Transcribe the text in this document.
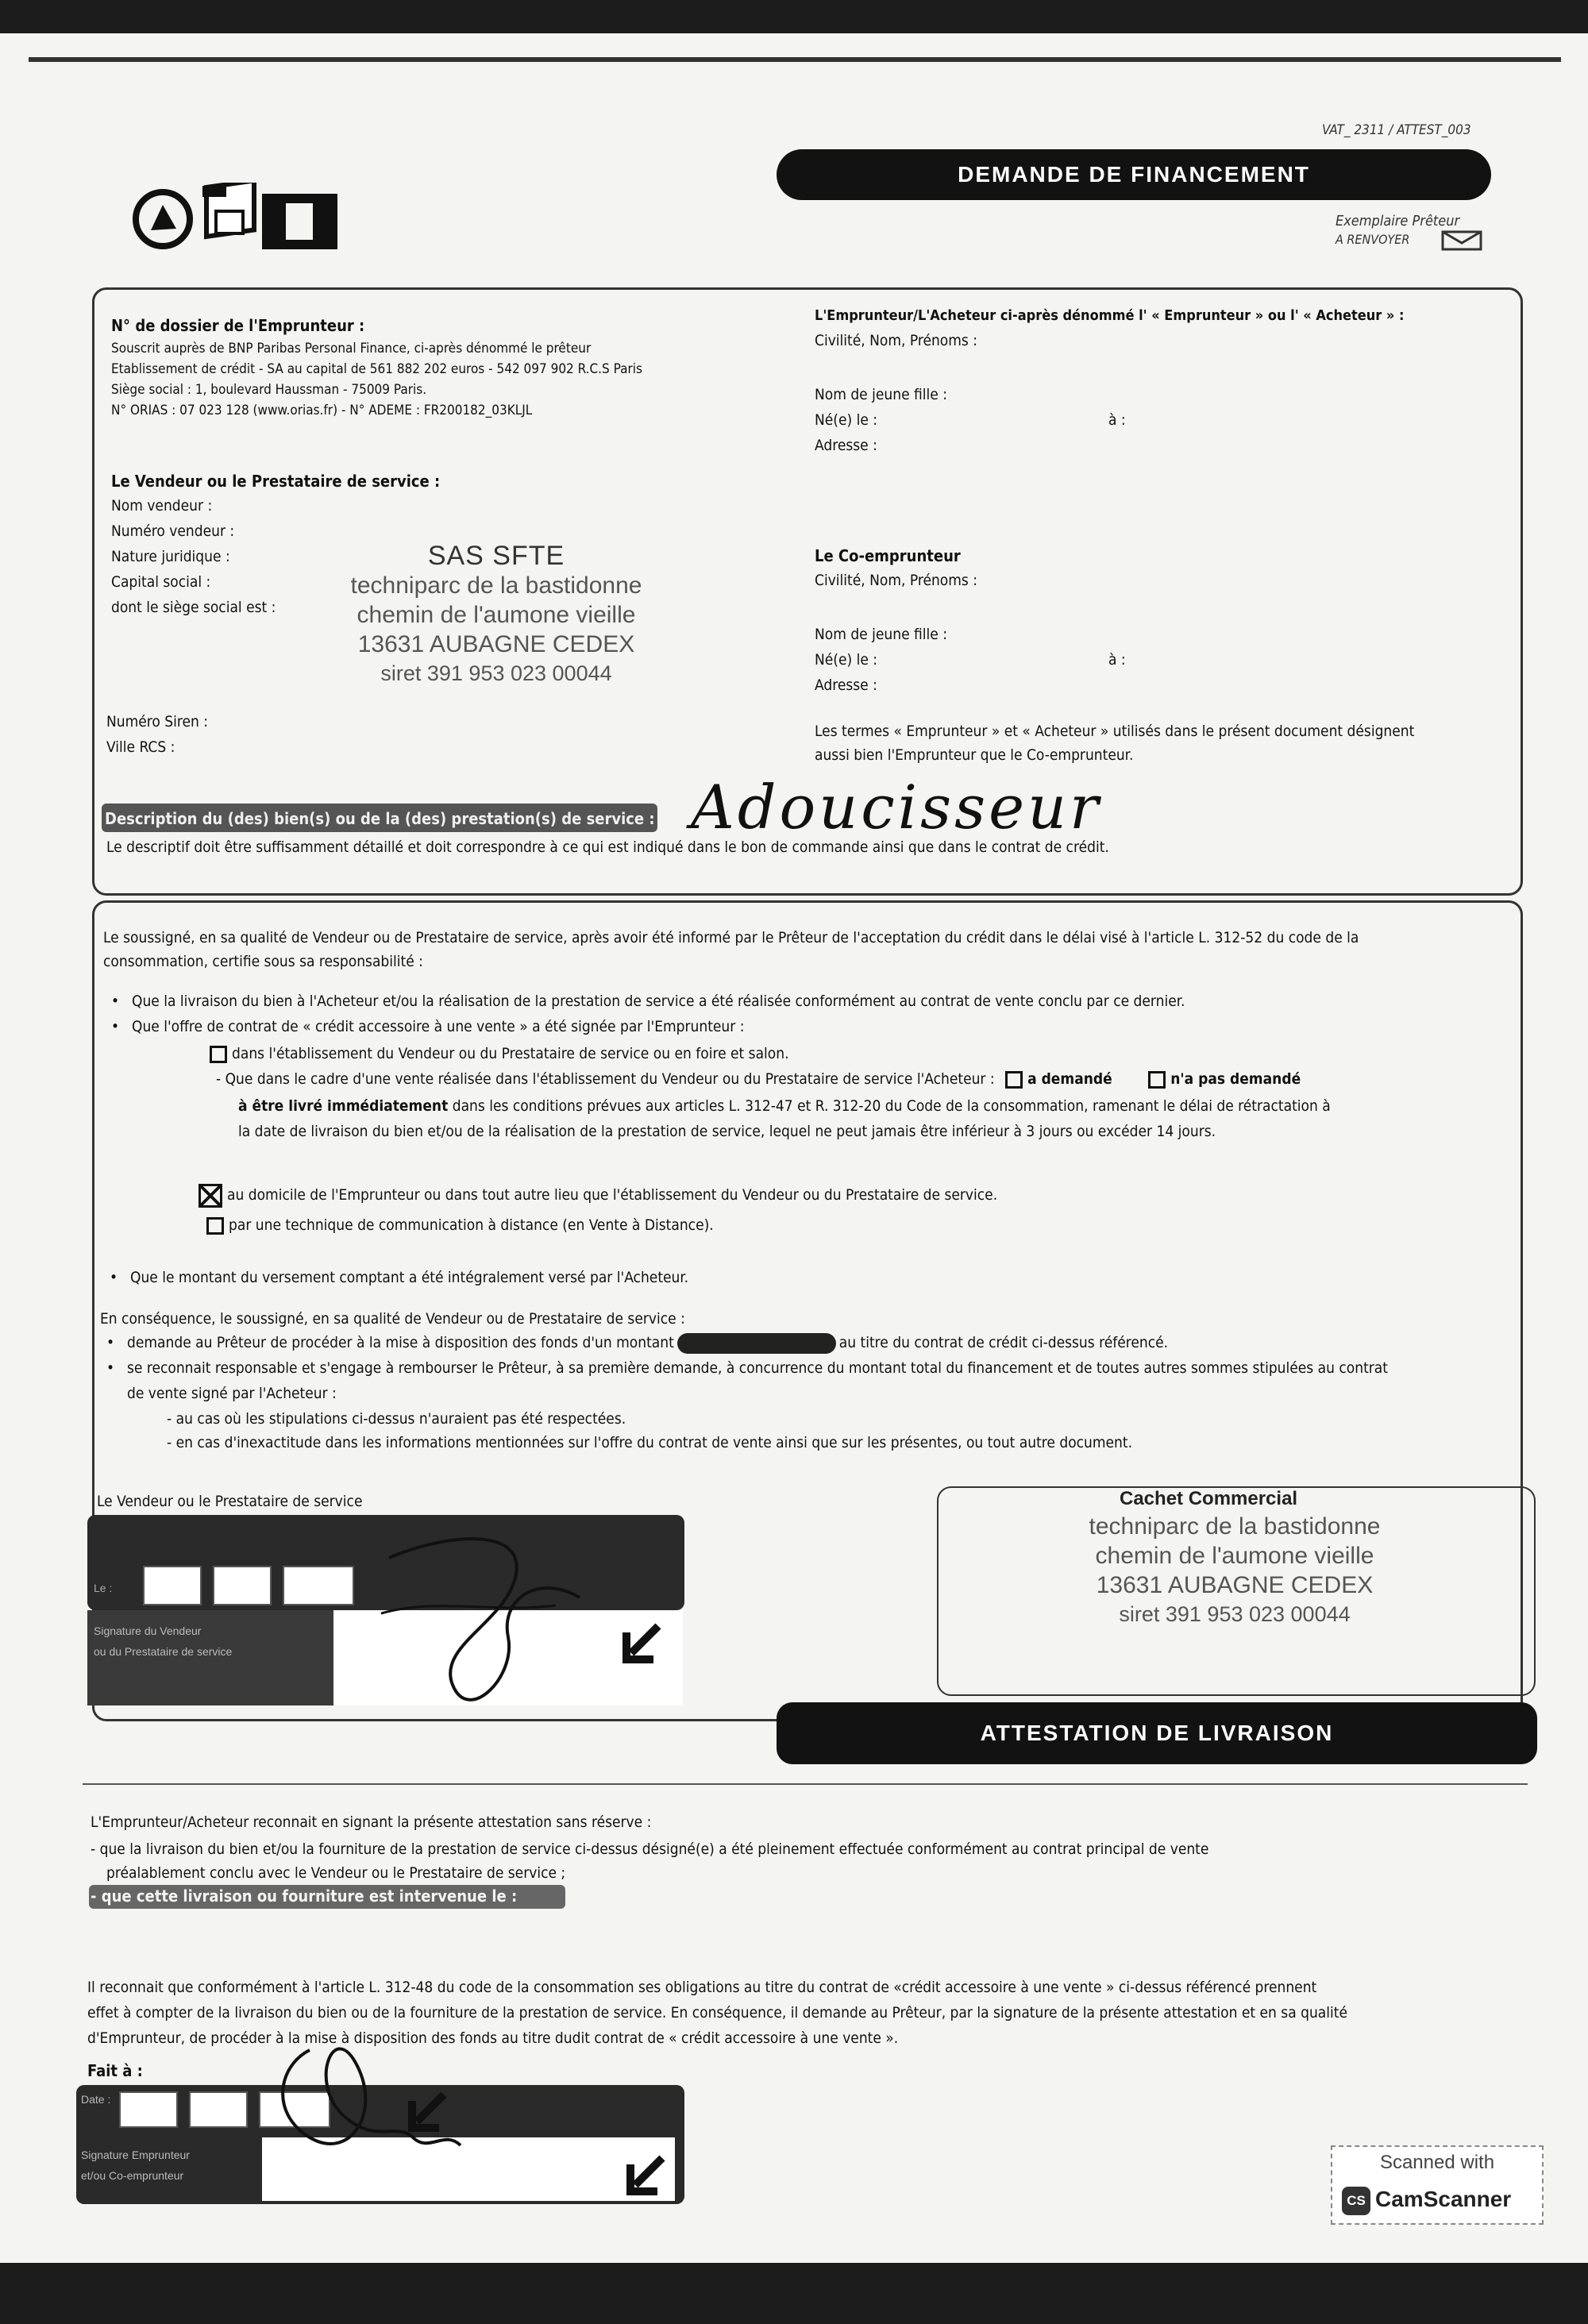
VAT_ 2311 / ATTEST_003
DEMANDE DE FINANCEMENT
Exemplaire Prêteur
A RENVOYER
N° de dossier de l'Emprunteur :
Souscrit auprès de BNP Paribas Personal Finance, ci-après dénommé le prêteur
Etablissement de crédit - SA au capital de 561 882 202 euros - 542 097 902 R.C.S Paris
Siège social : 1, boulevard Haussman - 75009 Paris.
N° ORIAS : 07 023 128 (www.orias.fr) - N° ADEME : FR200182_03KLJL
Le Vendeur ou le Prestataire de service :
Nom vendeur :
Numéro vendeur :
Nature juridique :
Capital social :
dont le siège social est :
SAS SFTE
techniparc de la bastidonne
chemin de l'aumone vieille
13631 AUBAGNE CEDEX
siret 391 953 023 00044
Numéro Siren :
Ville RCS :
L'Emprunteur/L'Acheteur ci-après dénommé l' « Emprunteur » ou l' « Acheteur » :
Civilité, Nom, Prénoms :
Nom de jeune fille :
Né(e) le :	à :
Adresse :
Le Co-emprunteur
Civilité, Nom, Prénoms :
Nom de jeune fille :
Né(e) le :	à :
Adresse :
Les termes « Emprunteur » et « Acheteur » utilisés dans le présent document désignent
aussi bien l'Emprunteur que le Co-emprunteur.
Description du (des) bien(s) ou de la (des) prestation(s) de service : Adoucisseur
Le descriptif doit être suffisamment détaillé et doit correspondre à ce qui est indiqué dans le bon de commande ainsi que dans le contrat de crédit.
Le soussigné, en sa qualité de Vendeur ou de Prestataire de service, après avoir été informé par le Prêteur de l'acceptation du crédit dans le délai visé à l'article L. 312-52 du code de la
consommation, certifie sous sa responsabilité :
• Que la livraison du bien à l'Acheteur et/ou la réalisation de la prestation de service a été réalisée conformément au contrat de vente conclu par ce dernier.
• Que l'offre de contrat de « crédit accessoire à une vente » a été signée par l'Emprunteur :
dans l'établissement du Vendeur ou du Prestataire de service ou en foire et salon.
- Que dans le cadre d'une vente réalisée dans l'établissement du Vendeur ou du Prestataire de service l'Acheteur : a demandé	n'a pas demandé
à être livré immédiatement dans les conditions prévues aux articles L. 312-47 et R. 312-20 du Code de la consommation, ramenant le délai de rétractation à
la date de livraison du bien et/ou de la réalisation de la prestation de service, lequel ne peut jamais être inférieur à 3 jours ou excéder 14 jours.
au domicile de l'Emprunteur ou dans tout autre lieu que l'établissement du Vendeur ou du Prestataire de service.
par une technique de communication à distance (en Vente à Distance).
• Que le montant du versement comptant a été intégralement versé par l'Acheteur.
En conséquence, le soussigné, en sa qualité de Vendeur ou de Prestataire de service :
• demande au Prêteur de procéder à la mise à disposition des fonds d'un montant	au titre du contrat de crédit ci-dessus référencé.
• se reconnait responsable et s'engage à rembourser le Prêteur, à sa première demande, à concurrence du montant total du financement et de toutes autres sommes stipulées au contrat
de vente signé par l'Acheteur :
- au cas où les stipulations ci-dessus n'auraient pas été respectées.
- en cas d'inexactitude dans les informations mentionnées sur l'offre du contrat de vente ainsi que sur les présentes, ou tout autre document.
Le Vendeur ou le Prestataire de service
Le :
Signature du Vendeur
ou du Prestataire de service
Cachet Commercial
techniparc de la bastidonne
chemin de l'aumone vieille
13631 AUBAGNE CEDEX
siret 391 953 023 00044
ATTESTATION DE LIVRAISON
L'Emprunteur/Acheteur reconnait en signant la présente attestation sans réserve :
- que la livraison du bien et/ou la fourniture de la prestation de service ci-dessus désigné(e) a été pleinement effectuée conformément au contrat principal de vente
préalablement conclu avec le Vendeur ou le Prestataire de service ;
- que cette livraison ou fourniture est intervenue le :
Il reconnait que conformément à l'article L. 312-48 du code de la consommation ses obligations au titre du contrat de «crédit accessoire à une vente » ci-dessus référencé prennent
effet à compter de la livraison du bien ou de la fourniture de la prestation de service. En conséquence, il demande au Prêteur, par la signature de la présente attestation et en sa qualité
d'Emprunteur, de procéder à la mise à disposition des fonds au titre dudit contrat de « crédit accessoire à une vente ».
Fait à :
Date :
Signature Emprunteur
et/ou Co-emprunteur
Scanned with
CS CamScanner
